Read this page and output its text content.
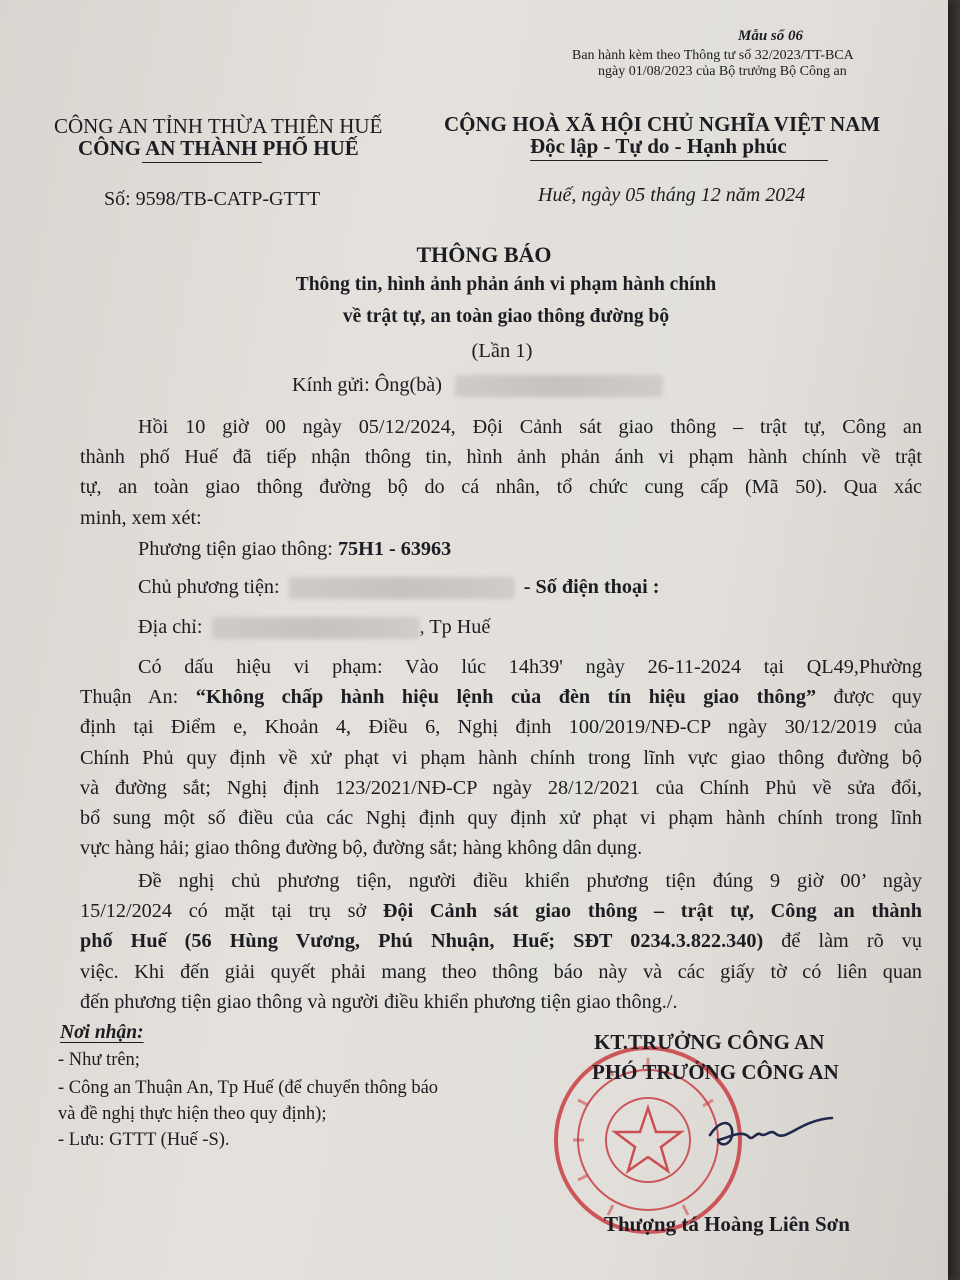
Mẫu số 06
Ban hành kèm theo Thông tư số 32/2023/TT-BCA
ngày 01/08/2023 của Bộ trưởng Bộ Công an
CÔNG AN TỈNH THỪA THIÊN HUẾ
CÔNG AN THÀNH PHỐ HUẾ
CỘNG HOÀ XÃ HỘI CHỦ NGHĨA VIỆT NAM
Độc lập - Tự do - Hạnh phúc
Số: 9598/TB-CATP-GTTT	Huế, ngày 05 tháng 12 năm 2024
THÔNG BÁO
Thông tin, hình ảnh phản ánh vi phạm hành chính
về trật tự, an toàn giao thông đường bộ
(Lần 1)
Kính gửi: Ông(bà)
Hồi 10 giờ 00 ngày 05/12/2024, Đội Cảnh sát giao thông – trật tự, Công an
thành phố Huế đã tiếp nhận thông tin, hình ảnh phản ánh vi phạm hành chính về trật
tự, an toàn giao thông đường bộ do cá nhân, tổ chức cung cấp (Mã 50). Qua xác
minh, xem xét:
Phương tiện giao thông: 75H1 - 63963
Chủ phương tiện:	- Số điện thoại :
Địa chỉ:	, Tp Huế
Có dấu hiệu vi phạm: Vào lúc 14h39' ngày 26-11-2024 tại QL49,Phường
Thuận An: “Không chấp hành hiệu lệnh của đèn tín hiệu giao thông” được quy
định tại Điểm e, Khoản 4, Điều 6, Nghị định 100/2019/NĐ-CP ngày 30/12/2019 của
Chính Phủ quy định về xử phạt vi phạm hành chính trong lĩnh vực giao thông đường bộ
và đường sắt; Nghị định 123/2021/NĐ-CP ngày 28/12/2021 của Chính Phủ về sửa đổi,
bổ sung một số điều của các Nghị định quy định xử phạt vi phạm hành chính trong lĩnh
vực hàng hải; giao thông đường bộ, đường sắt; hàng không dân dụng.
Đề nghị chủ phương tiện, người điều khiển phương tiện đúng 9 giờ 00’ ngày
15/12/2024 có mặt tại trụ sở Đội Cảnh sát giao thông – trật tự, Công an thành
phố Huế (56 Hùng Vương, Phú Nhuận, Huế; SĐT 0234.3.822.340) để làm rõ vụ
việc. Khi đến giải quyết phải mang theo thông báo này và các giấy tờ có liên quan
đến phương tiện giao thông và người điều khiển phương tiện giao thông./.
Nơi nhận:
- Như trên;
- Công an Thuận An, Tp Huế (để chuyển thông báo
và đề nghị thực hiện theo quy định);
- Lưu: GTTT (Huế -S).
KT.TRƯỞNG CÔNG AN
PHÓ TRƯỞNG CÔNG AN
Thượng tá Hoàng Liên Sơn
